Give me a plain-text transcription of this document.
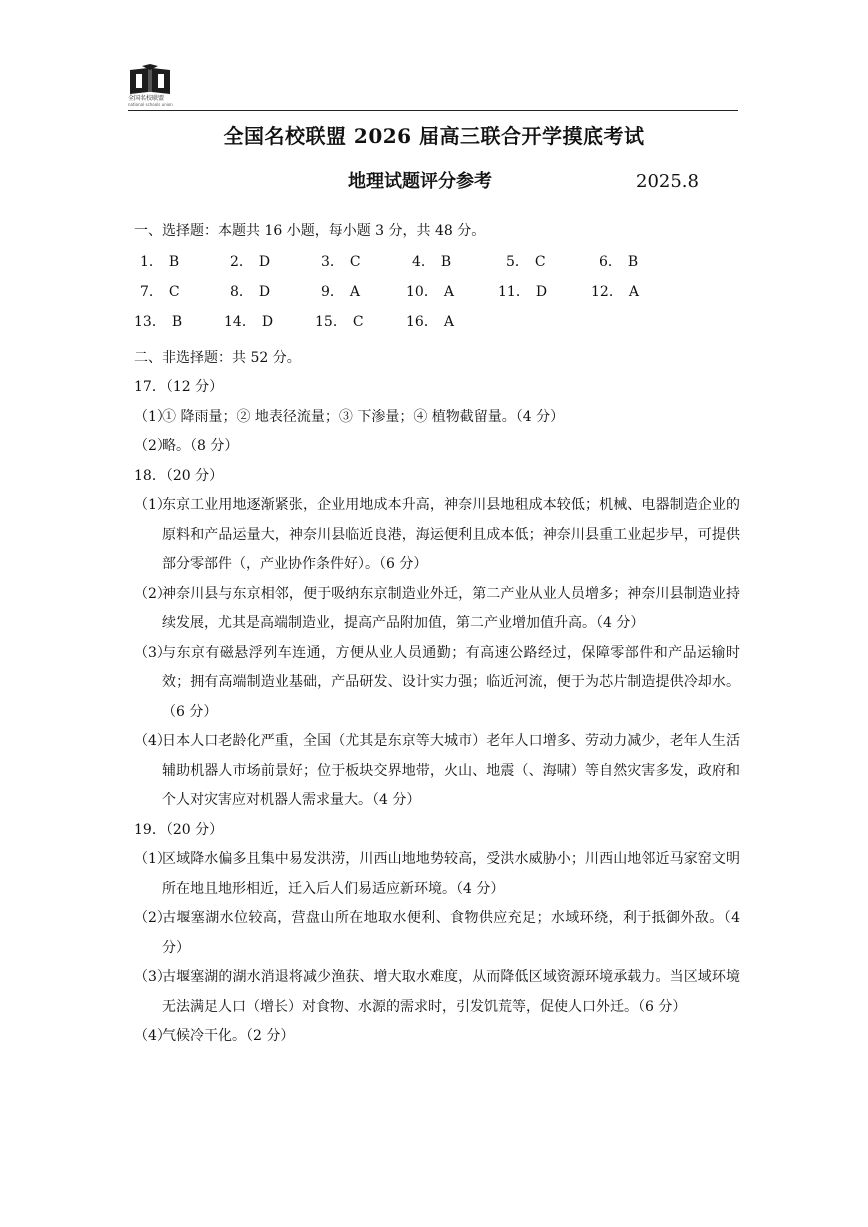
全国名校联盟
national schools union
全国名校联盟 2026 届高三联合开学摸底考试
地理试题评分参考	2025.8
一、选择题：本题共 16 小题，每小题 3 分，共 48 分。
1． B	2． D	3． C	4． B	5． C	6． B
7． C	8． D	9． A	10． A	11． D	12． A
13． B	14． D	15． C	16． A
二、非选择题：共 52 分。
17．（12 分）
（1）
① 降雨量；② 地表径流量；③ 下渗量；④ 植物截留量。（4 分）
（2）
略。（8 分）
18．（20 分）
（1）
东京工业用地逐渐紧张，企业用地成本升高，神奈川县地租成本较低；机械、电器制造企业的原料和产品运量大，神奈川县临近良港，海运便利且成本低；神奈川县重工业起步早，可提供部分零部件（，产业协作条件好）。（6 分）
（2）
神奈川县与东京相邻，便于吸纳东京制造业外迁，第二产业从业人员增多；神奈川县制造业持续发展，尤其是高端制造业，提高产品附加值，第二产业增加值升高。（4 分）
（3）
与东京有磁悬浮列车连通，方便从业人员通勤；有高速公路经过，保障零部件和产品运输时效；拥有高端制造业基础，产品研发、设计实力强；临近河流，便于为芯片制造提供冷却水。（6 分）
（4）
日本人口老龄化严重，全国（尤其是东京等大城市）老年人口增多、劳动力减少，老年人生活辅助机器人市场前景好；位于板块交界地带，火山、地震（、海啸）等自然灾害多发，政府和个人对灾害应对机器人需求量大。（4 分）
19．（20 分）
（1）
区域降水偏多且集中易发洪涝，川西山地地势较高，受洪水威胁小；川西山地邻近马家窑文明所在地且地形相近，迁入后人们易适应新环境。（4 分）
（2）
古堰塞湖水位较高，营盘山所在地取水便利、食物供应充足；水域环绕，利于抵御外敌。（4 分）
（3）
古堰塞湖的湖水消退将减少渔获、增大取水难度，从而降低区域资源环境承载力。当区域环境无法满足人口（增长）对食物、水源的需求时，引发饥荒等，促使人口外迁。（6 分）
（4）
气候冷干化。（2 分）
